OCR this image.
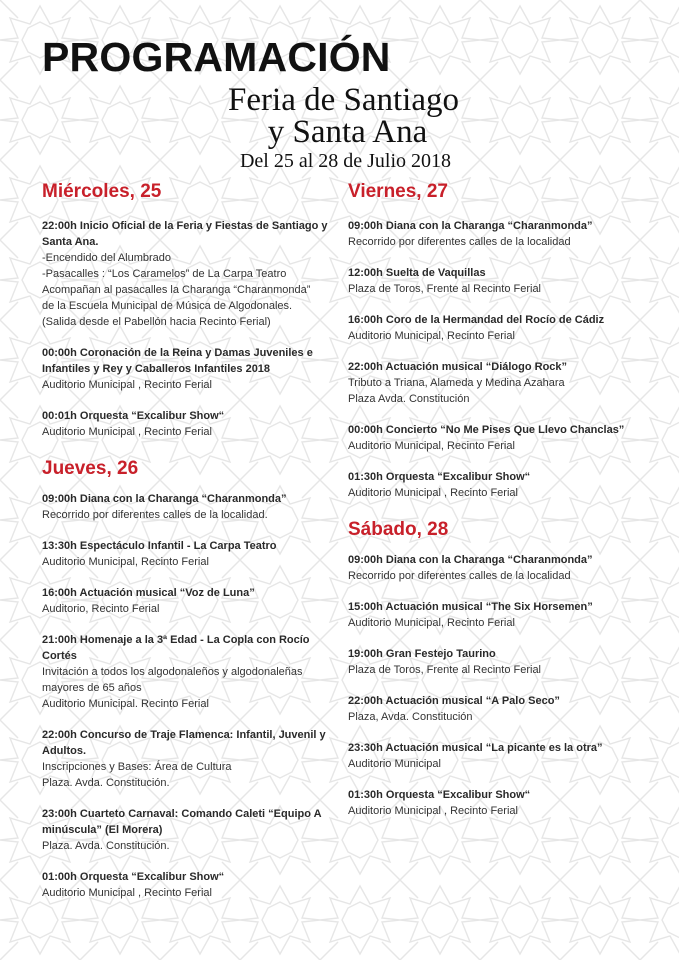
PROGRAMACIÓN
Feria de Santiago
y Santa Ana
Del 25 al 28 de Julio 2018
Miércoles, 25

22:00h Inicio Oficial de la Feria y Fiestas de Santiago y
Santa Ana.

-Encendido del Alumbrado

-Pasacalles : “Los Caramelos” de La Carpa Teatro

Acompañan al pasacalles la Charanga “Charanmonda”

de la Escuela Municipal de Música de Algodonales.

(Salida desde el Pabellón hacia Recinto Ferial)

00:00h Coronación de la Reina y Damas Juveniles e
Infantiles y Rey y Caballeros Infantiles 2018

Auditorio Municipal , Recinto Ferial

00:01h Orquesta “Excalibur Show“

Auditorio Municipal , Recinto Ferial

Jueves, 26

09:00h Diana con la Charanga “Charanmonda”

Recorrido por diferentes calles de la localidad.

13:30h Espectáculo Infantil - La Carpa Teatro

Auditorio Municipal, Recinto Ferial

16:00h Actuación musical “Voz de Luna”

Auditorio, Recinto Ferial

21:00h Homenaje a la 3ª Edad - La Copla con Rocío
Cortés

Invitación a todos los algodonaleños y algodonaleñas

mayores de 65 años

Auditorio Municipal. Recinto Ferial

22:00h Concurso de Traje Flamenca: Infantil, Juvenil y
Adultos.

Inscripciones y Bases: Área de Cultura

Plaza. Avda. Constitución.

23:00h Cuarteto Carnaval: Comando Caleti “Equipo A
minúscula” (El Morera)

Plaza. Avda. Constitución.

01:00h Orquesta “Excalibur Show“

Auditorio Municipal , Recinto Ferial

Viernes, 27

09:00h Diana con la Charanga “Charanmonda”

Recorrido por diferentes calles de la localidad

12:00h Suelta de Vaquillas

Plaza de Toros, Frente al Recinto Ferial

16:00h Coro de la Hermandad del Rocío de Cádiz

Auditorio Municipal, Recinto Ferial

22:00h Actuación musical “Diálogo Rock”

Tributo a Triana, Alameda y Medina Azahara

Plaza Avda. Constitución

00:00h Concierto “No Me Pises Que Llevo Chanclas”

Auditorio Municipal, Recinto Ferial

01:30h Orquesta “Excalibur Show“

Auditorio Municipal , Recinto Ferial

Sábado, 28

09:00h Diana con la Charanga “Charanmonda”

Recorrido por diferentes calles de la localidad

15:00h Actuación musical “The Six Horsemen”

Auditorio Municipal, Recinto Ferial

19:00h Gran Festejo Taurino

Plaza de Toros, Frente al Recinto Ferial

22:00h Actuación musical “A Palo Seco”

Plaza, Avda. Constitución

23:30h Actuación musical “La picante es la otra”

Auditorio Municipal

01:30h Orquesta “Excalibur Show“

Auditorio Municipal , Recinto Ferial
